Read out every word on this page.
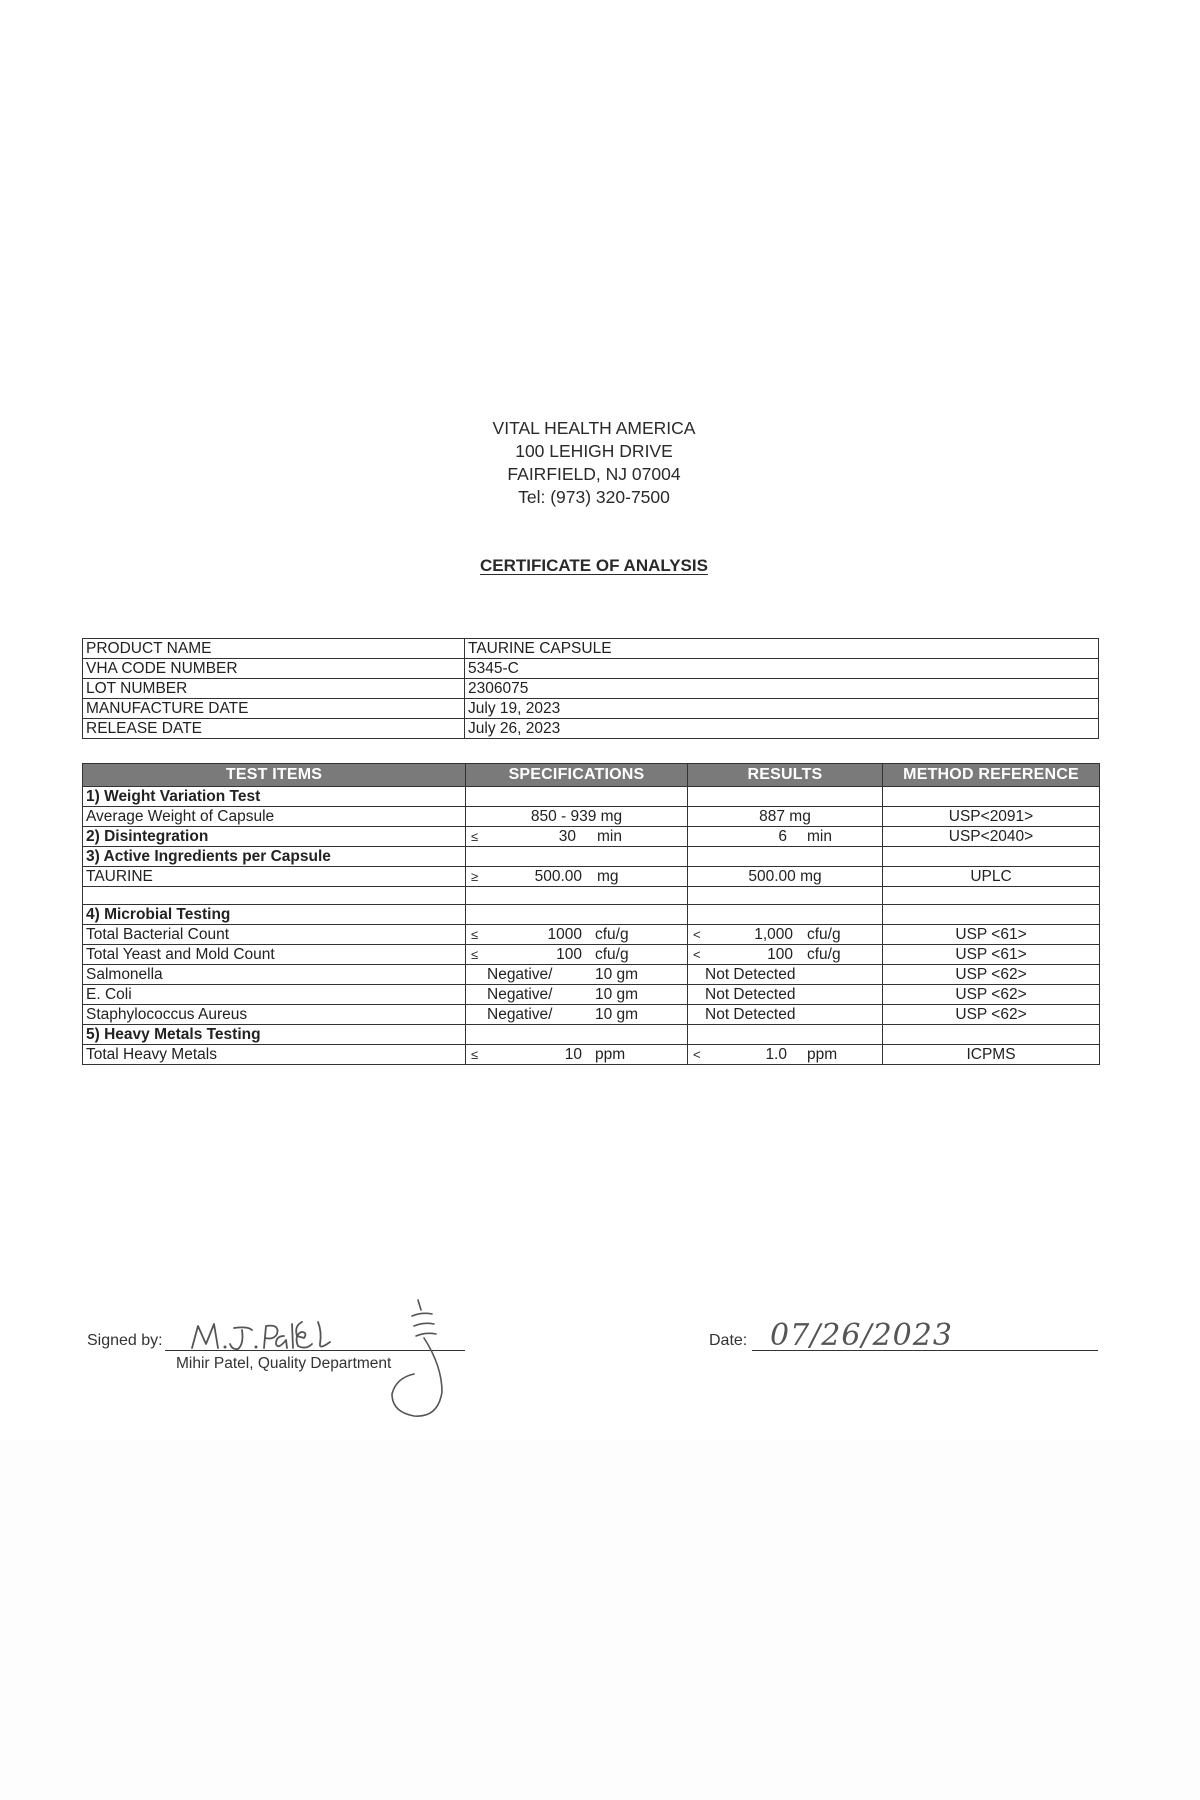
VITAL HEALTH AMERICA
100 LEHIGH DRIVE
FAIRFIELD, NJ 07004
Tel: (973) 320-7500
CERTIFICATE OF ANALYSIS
PRODUCT NAME	TAURINE CAPSULE
VHA CODE NUMBER	5345-C
LOT NUMBER	2306075
MANUFACTURE DATE	July 19, 2023
RELEASE DATE	July 26, 2023
TEST ITEMS	SPECIFICATIONS	RESULTS	METHOD REFERENCE
1) Weight Variation Test			
Average Weight of Capsule	850 - 939 mg	887 mg	USP<2091>
2) Disintegration	≤ 30 min	6 min	USP<2040>
3) Active Ingredients per Capsule			
TAURINE	≥ 500.00 mg	500.00 mg	UPLC

4) Microbial Testing			
Total Bacterial Count	≤ 1000 cfu/g	< 1,000 cfu/g	USP <61>
Total Yeast and Mold Count	≤ 100 cfu/g	< 100 cfu/g	USP <61>
Salmonella	Negative/ 10 gm	Not Detected	USP <62>
E. Coli	Negative/ 10 gm	Not Detected	USP <62>
Staphylococcus Aureus	Negative/ 10 gm	Not Detected	USP <62>
5) Heavy Metals Testing			
Total Heavy Metals	≤ 10 ppm	< 1.0 ppm	ICPMS
Signed by:
Mihir Patel, Quality Department
Date: 07/26/2023
